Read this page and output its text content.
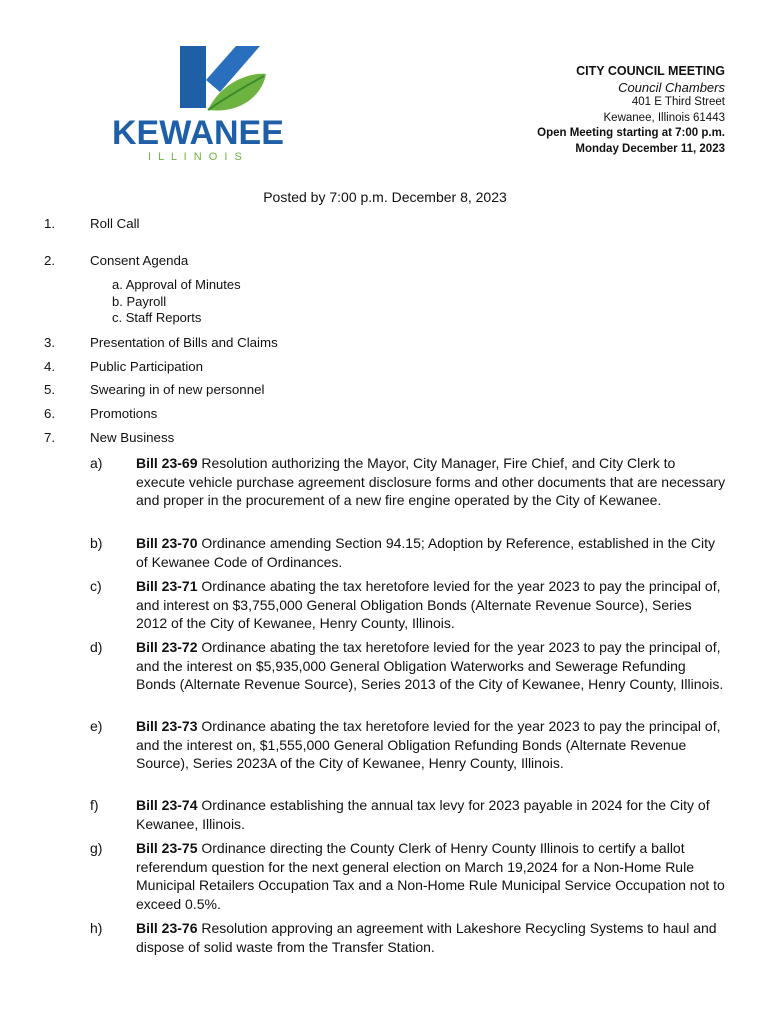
KEWANEE
I L L I N O I S
CITY COUNCIL MEETING
Council Chambers
401 E Third Street
Kewanee, Illinois 61443
Open Meeting starting at 7:00 p.m.
Monday December 11, 2023
Posted by 7:00 p.m. December 8, 2023
1.	Roll Call
2.	Consent Agenda
a. Approval of Minutes
b. Payroll
c. Staff Reports
3.	Presentation of Bills and Claims
4.	Public Participation
5.	Swearing in of new personnel
6.	Promotions
7.	New Business
a)	Bill 23-69 Resolution authorizing the Mayor, City Manager, Fire Chief, and City Clerk to execute vehicle purchase agreement disclosure forms and other documents that are necessary and proper in the procurement of a new fire engine operated by the City of Kewanee.
b)	Bill 23-70 Ordinance amending Section 94.15; Adoption by Reference, established in the City of Kewanee Code of Ordinances.
c)	Bill 23-71 Ordinance abating the tax heretofore levied for the year 2023 to pay the principal of, and interest on $3,755,000 General Obligation Bonds (Alternate Revenue Source), Series 2012 of the City of Kewanee, Henry County, Illinois.
d)	Bill 23-72 Ordinance abating the tax heretofore levied for the year 2023 to pay the principal of, and the interest on $5,935,000 General Obligation Waterworks and Sewerage Refunding Bonds (Alternate Revenue Source), Series 2013 of the City of Kewanee, Henry County, Illinois.
e)	Bill 23-73 Ordinance abating the tax heretofore levied for the year 2023 to pay the principal of, and the interest on, $1,555,000 General Obligation Refunding Bonds (Alternate Revenue Source), Series 2023A of the City of Kewanee, Henry County, Illinois.
f)	Bill 23-74 Ordinance establishing the annual tax levy for 2023 payable in 2024 for the City of Kewanee, Illinois.
g)	Bill 23-75 Ordinance directing the County Clerk of Henry County Illinois to certify a ballot referendum question for the next general election on March 19,2024 for a Non-Home Rule Municipal Retailers Occupation Tax and a Non-Home Rule Municipal Service Occupation not to exceed 0.5%.
h)	Bill 23-76 Resolution approving an agreement with Lakeshore Recycling Systems to haul and dispose of solid waste from the Transfer Station.
